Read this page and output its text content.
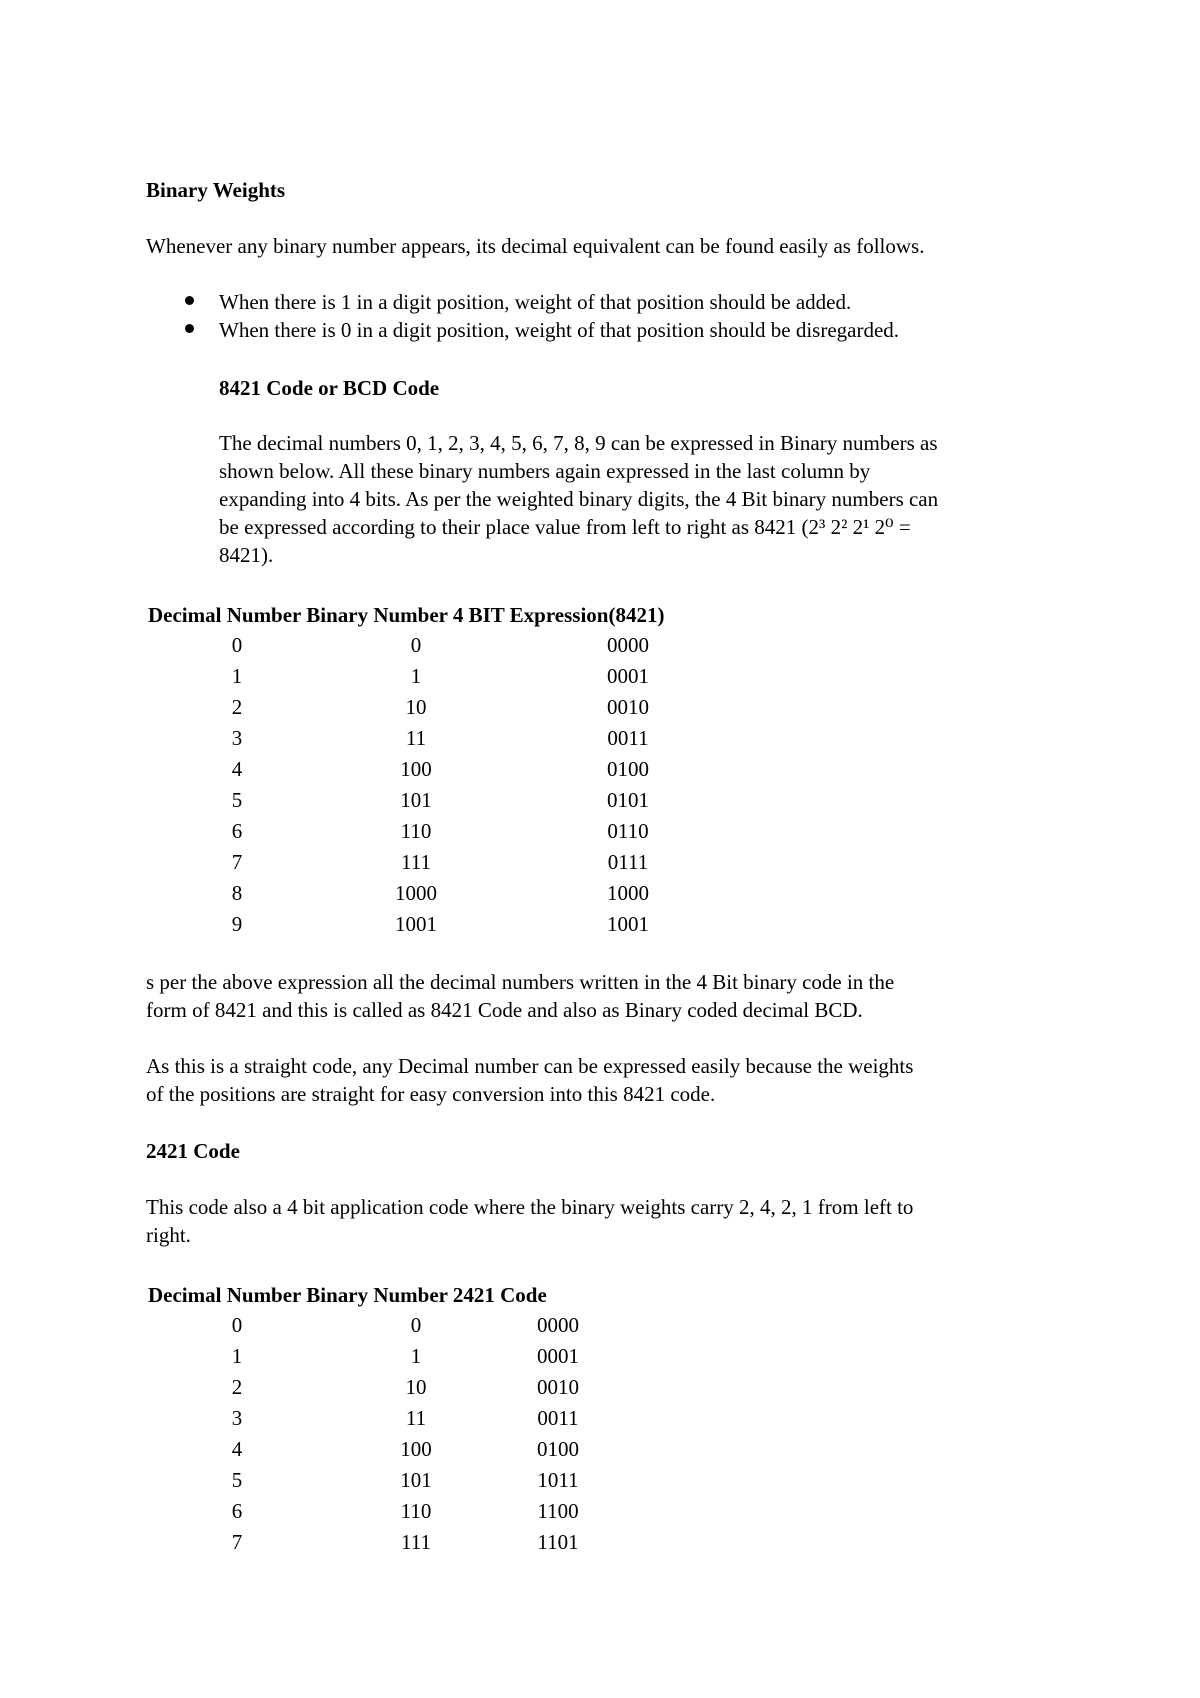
Binary Weights
Whenever any binary number appears, its decimal equivalent can be found easily as follows.
When there is 1 in a digit position, weight of that position should be added.
When there is 0 in a digit position, weight of that position should be disregarded.
8421 Code or BCD Code
The decimal numbers 0, 1, 2, 3, 4, 5, 6, 7, 8, 9 can be expressed in Binary numbers as
shown below. All these binary numbers again expressed in the last column by
expanding into 4 bits. As per the weighted binary digits, the 4 Bit binary numbers can
be expressed according to their place value from left to right as 8421 (2³ 2² 2¹ 2⁰ =
8421).
Decimal Number Binary Number 4 BIT Expression(8421)
0	0	0000
1	1	0001
2	10	0010
3	11	0011
4	100	0100
5	101	0101
6	110	0110
7	111	0111
8	1000	1000
9	1001	1001
s per the above expression all the decimal numbers written in the 4 Bit binary code in the
form of 8421 and this is called as 8421 Code and also as Binary coded decimal BCD.
As this is a straight code, any Decimal number can be expressed easily because the weights
of the positions are straight for easy conversion into this 8421 code.
2421 Code
This code also a 4 bit application code where the binary weights carry 2, 4, 2, 1 from left to
right.
Decimal Number Binary Number 2421 Code
0	0	0000
1	1	0001
2	10	0010
3	11	0011
4	100	0100
5	101	1011
6	110	1100
7	111	1101
